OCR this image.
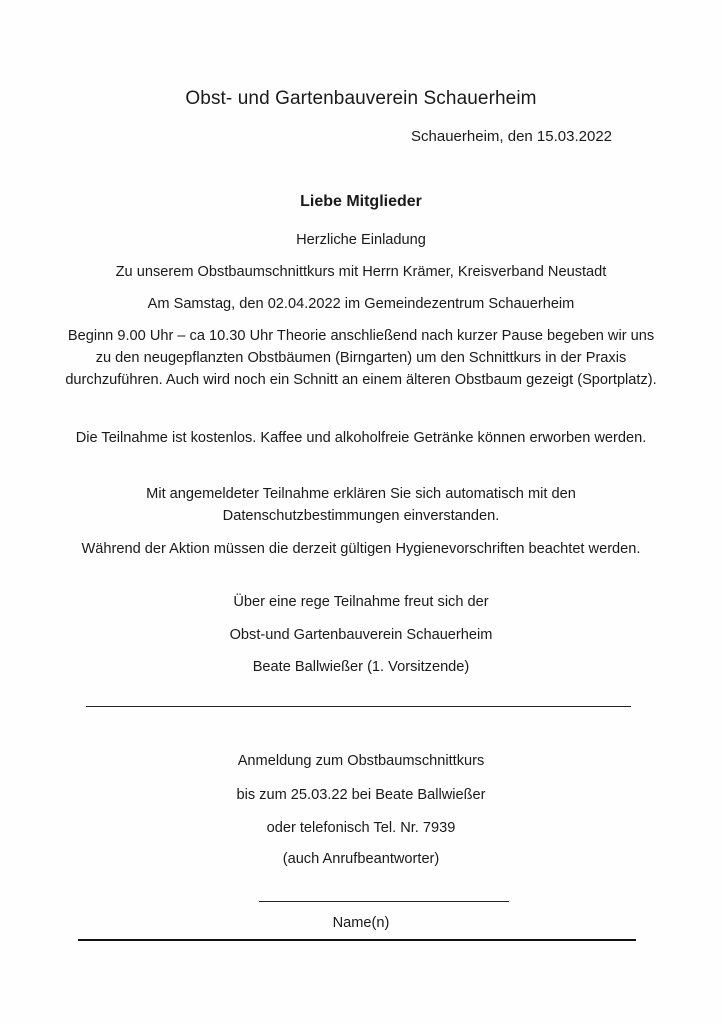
Obst- und Gartenbauverein Schauerheim
Schauerheim, den 15.03.2022
Liebe Mitglieder
Herzliche Einladung
Zu unserem Obstbaumschnittkurs mit Herrn Krämer, Kreisverband Neustadt
Am Samstag, den 02.04.2022 im Gemeindezentrum Schauerheim
Beginn 9.00 Uhr – ca 10.30 Uhr Theorie anschließend nach kurzer Pause begeben wir uns zu den neugepflanzten Obstbäumen (Birngarten) um den Schnittkurs in der Praxis durchzuführen. Auch wird noch ein Schnitt an einem älteren Obstbaum gezeigt (Sportplatz).
Die Teilnahme ist kostenlos. Kaffee und alkoholfreie Getränke können erworben werden.
Mit angemeldeter Teilnahme erklären Sie sich automatisch mit den Datenschutzbestimmungen einverstanden.
Während der Aktion müssen die derzeit gültigen Hygienevorschriften beachtet werden.
Über eine rege Teilnahme freut sich der
Obst-und Gartenbauverein Schauerheim
Beate Ballwießer (1. Vorsitzende)
Anmeldung zum Obstbaumschnittkurs
bis zum 25.03.22 bei Beate Ballwießer
oder telefonisch Tel. Nr. 7939
(auch Anrufbeantworter)
Name(n)
